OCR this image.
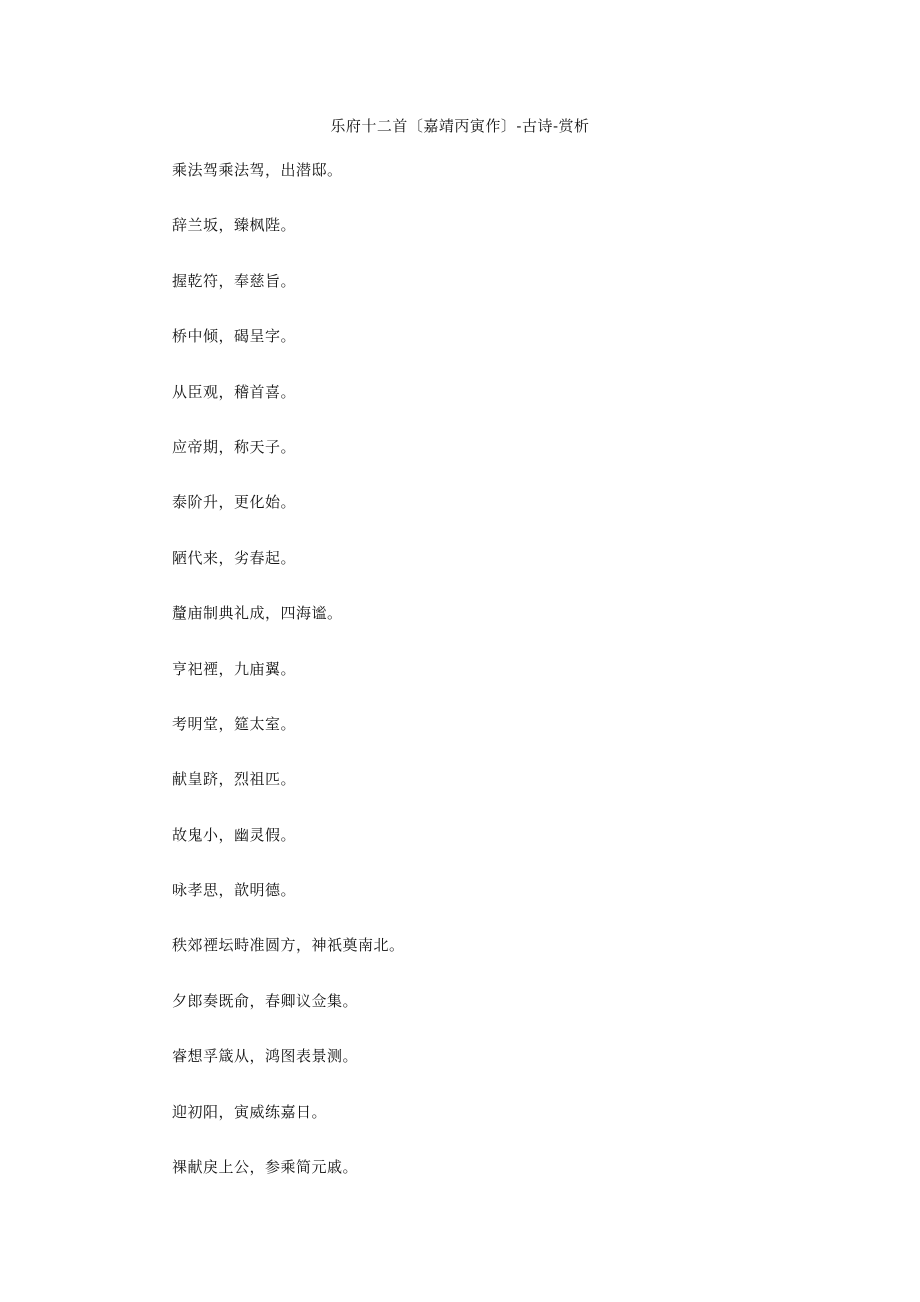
乐府十二首〔嘉靖丙寅作〕-古诗-赏析
乘法驾乘法驾，出潜邸。
辞兰坂，臻枫陛。
握乾符，奉慈旨。
桥中倾，碣呈字。
从臣观，稽首喜。
应帝期，称天子。
泰阶升，更化始。
陋代来，劣春起。
釐庙制典礼成，四海谧。
亨祀禋，九庙翼。
考明堂，筵太室。
献皇跻，烈祖匹。
故鬼小，幽灵假。
咏孝思，歆明德。
秩郊禋坛畤准圆方，神祇奠南北。
夕郎奏既俞，春卿议佥集。
睿想孚箴从，鸿图表景测。
迎初阳，寅威练嘉日。
祼献戾上公，参乘简元戚。
